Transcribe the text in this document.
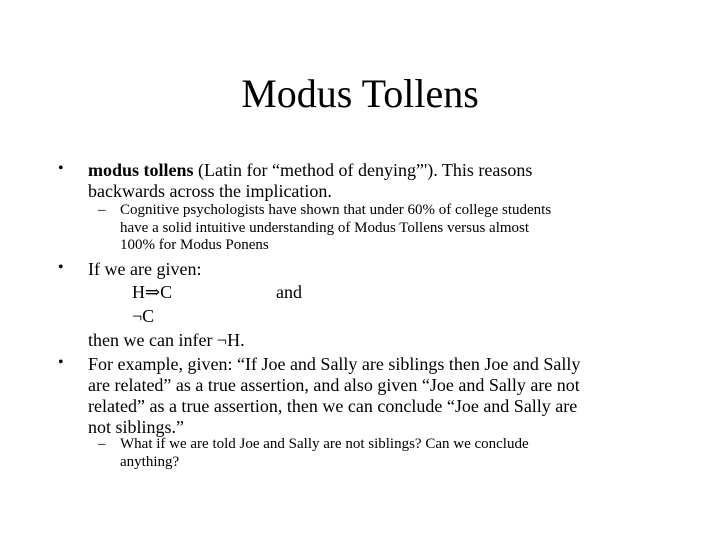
Modus Tollens
• modus tollens (Latin for “method of denying”'). This reasons
backwards across the implication.
– Cognitive psychologists have shown that under 60% of college students
have a solid intuitive understanding of Modus Tollens versus almost
100% for Modus Ponens
• If we are given:
H⇒C	and
¬C
then we can infer ¬H.
• For example, given: “If Joe and Sally are siblings then Joe and Sally
are related” as a true assertion, and also given “Joe and Sally are not
related” as a true assertion, then we can conclude “Joe and Sally are
not siblings.”
– What if we are told Joe and Sally are not siblings? Can we conclude
anything?
